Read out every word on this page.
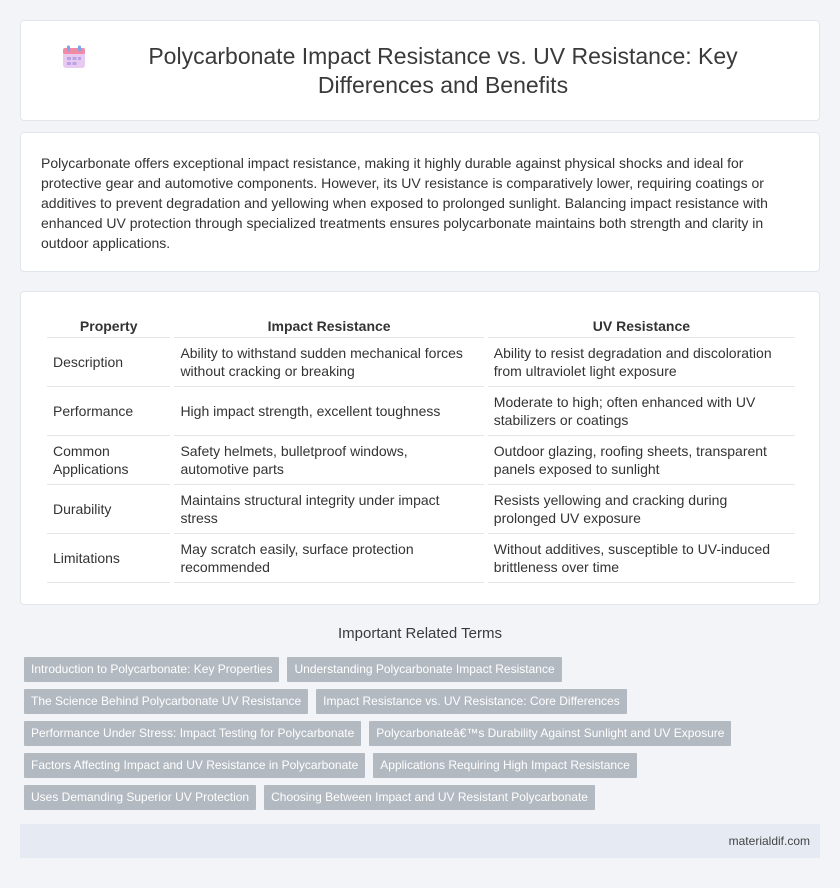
Polycarbonate Impact Resistance vs. UV Resistance: Key Differences and Benefits

Polycarbonate offers exceptional impact resistance, making it highly durable against physical shocks and ideal for protective gear and automotive components. However, its UV resistance is comparatively lower, requiring coatings or additives to prevent degradation and yellowing when exposed to prolonged sunlight. Balancing impact resistance with enhanced UV protection through specialized treatments ensures polycarbonate maintains both strength and clarity in outdoor applications.

Property	Impact Resistance	UV Resistance
Description	Ability to withstand sudden mechanical forces without cracking or breaking	Ability to resist degradation and discoloration from ultraviolet light exposure
Performance	High impact strength, excellent toughness	Moderate to high; often enhanced with UV stabilizers or coatings
Common Applications	Safety helmets, bulletproof windows, automotive parts	Outdoor glazing, roofing sheets, transparent panels exposed to sunlight
Durability	Maintains structural integrity under impact stress	Resists yellowing and cracking during prolonged UV exposure
Limitations	May scratch easily, surface protection recommended	Without additives, susceptible to UV-induced brittleness over time
Important Related Terms
Introduction to Polycarbonate: Key Properties	Understanding Polycarbonate Impact Resistance
The Science Behind Polycarbonate UV Resistance	Impact Resistance vs. UV Resistance: Core Differences
Performance Under Stress: Impact Testing for Polycarbonate	Polycarbonateâ€™s Durability Against Sunlight and UV Exposure
Factors Affecting Impact and UV Resistance in Polycarbonate	Applications Requiring High Impact Resistance
Uses Demanding Superior UV Protection	Choosing Between Impact and UV Resistant Polycarbonate
materialdif.com
